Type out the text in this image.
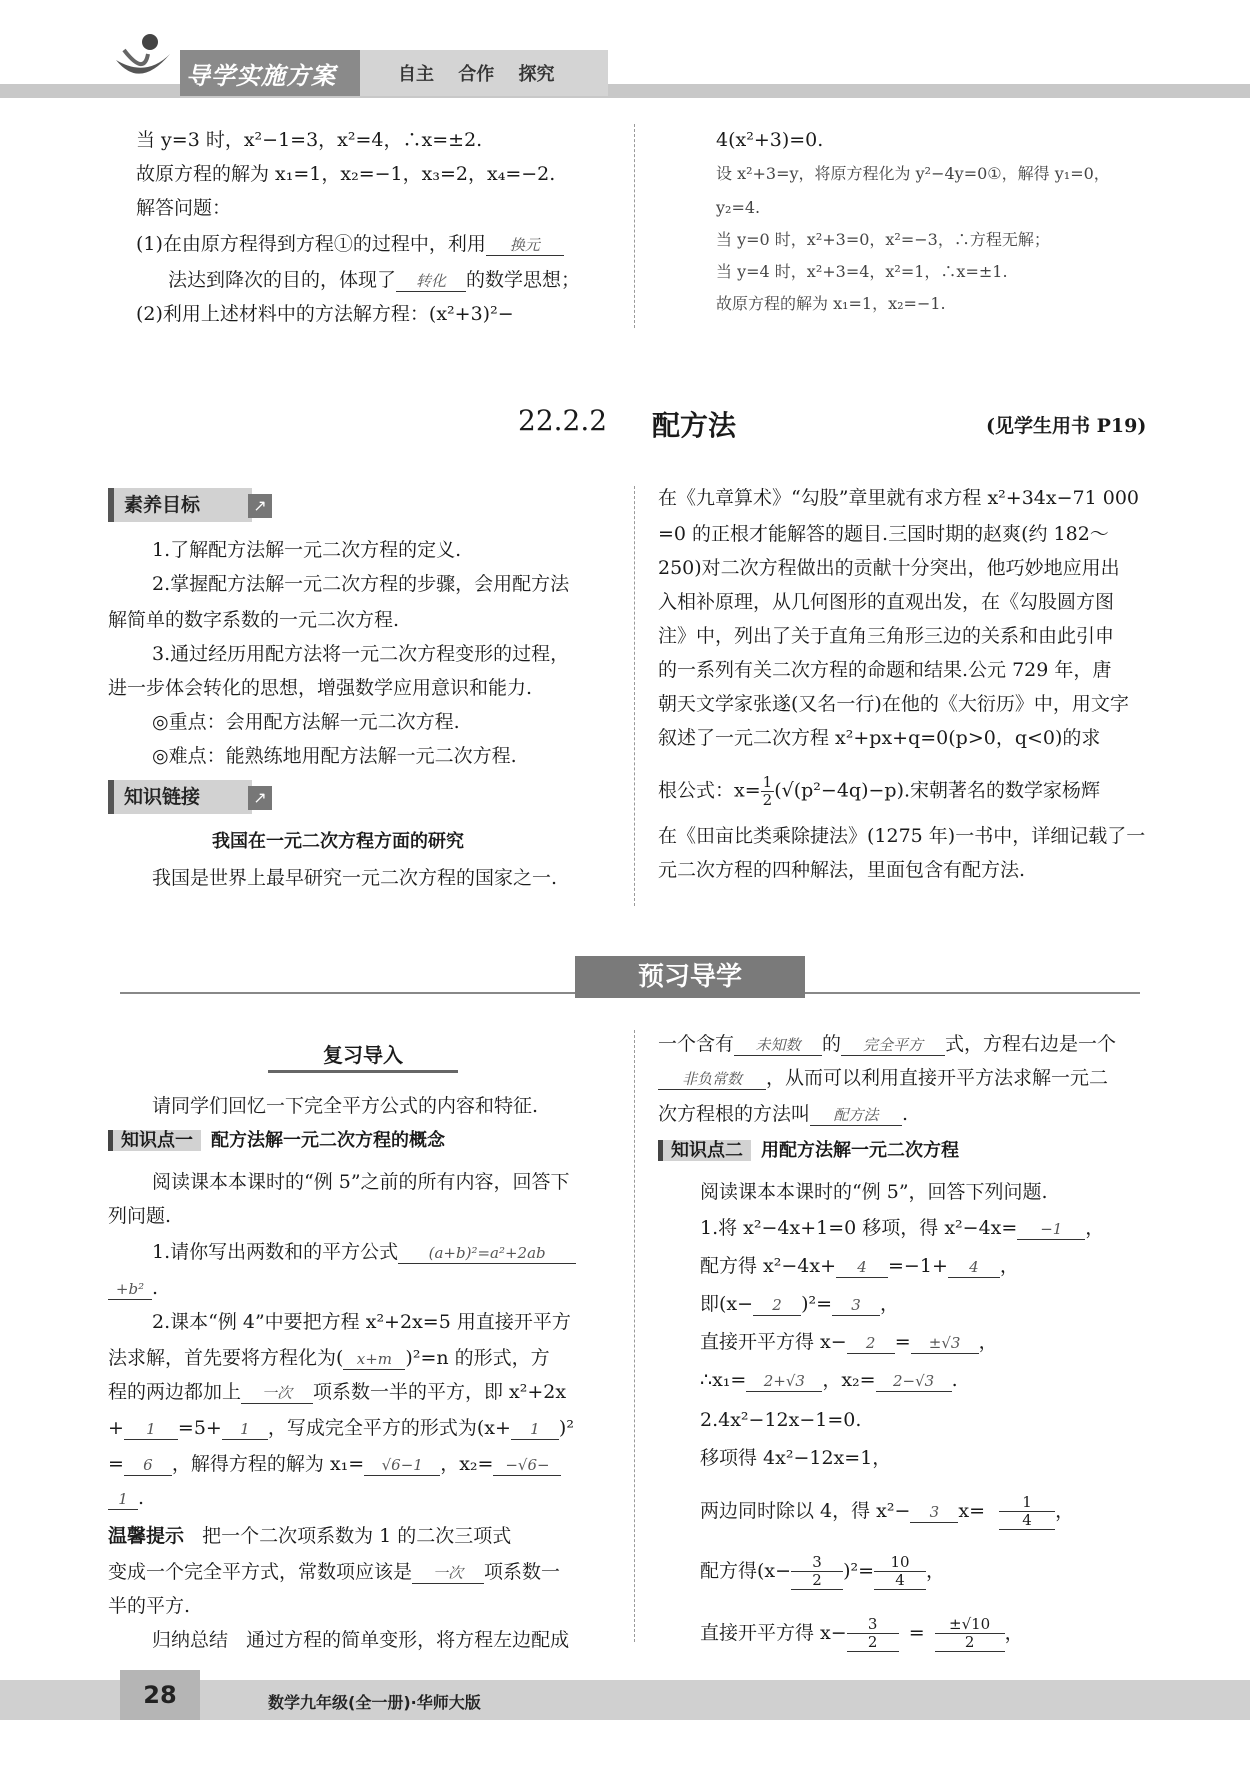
导学实施方案	自主 合作 探究
当 y=3 时，x²−1=3，x²=4，∴x=±2.
故原方程的解为 x₁=1，x₂=−1，x₃=2，x₄=−2.
解答问题：
(1)在由原方程得到方程①的过程中，利用 换元
法达到降次的目的，体现了 转化 的数学思想；
(2)利用上述材料中的方法解方程：(x²+3)²−
4(x²+3)=0.
设 x²+3=y，将原方程化为 y²−4y=0①，解得 y₁=0，
y₂=4.
当 y=0 时，x²+3=0，x²=−3，∴方程无解；
当 y=4 时，x²+3=4，x²=1，∴x=±1.
故原方程的解为 x₁=1，x₂=−1.
22.2.2 配方法	(见学生用书 P19)
素养目标	↗
1.了解配方法解一元二次方程的定义.
2.掌握配方法解一元二次方程的步骤，会用配方法
解简单的数字系数的一元二次方程.
3.通过经历用配方法将一元二次方程变形的过程，
进一步体会转化的思想，增强数学应用意识和能力.
◎重点：会用配方法解一元二次方程.
◎难点：能熟练地用配方法解一元二次方程.
知识链接	↗
我国在一元二次方程方面的研究
我国是世界上最早研究一元二次方程的国家之一.
在《九章算术》“勾股”章里就有求方程 x²+34x−71 000
=0 的正根才能解答的题目.三国时期的赵爽(约 182～
250)对二次方程做出的贡献十分突出，他巧妙地应用出
入相补原理，从几何图形的直观出发，在《勾股圆方图
注》中，列出了关于直角三角形三边的关系和由此引申
的一系列有关二次方程的命题和结果.公元 729 年，唐
朝天文学家张遂(又名一行)在他的《大衍历》中，用文字
叙述了一元二次方程 x²+px+q=0(p>0，q<0)的求
根公式：$x= \frac{1}{2} (√(p^2-4q)-p)$.宋朝著名的数学家杨辉
在《田亩比类乘除捷法》(1275 年)一书中，详细记载了一
元二次方程的四种解法，里面包含有配方法.
预习导学
复习导入
请同学们回忆一下完全平方公式的内容和特征.
知识点一 配方法解一元二次方程的概念
阅读课本本课时的“例 5”之前的所有内容，回答下
列问题.
1.请你写出两数和的平方公式 (a+b)²=a²+2ab
+b² .
2.课本“例 4”中要把方程 x²+2x=5 用直接开平方
法求解，首先要将方程化为( x+m )²=n 的形式，方
程的两边都加上 一次 项系数一半的平方，即 x²+2x
+ 1 =5+ 1 ，写成完全平方的形式为(x+ 1 )²
= 6 ，解得方程的解为 x₁= √6−1 ，x₂= −√6−
1 .
温馨提示 把一个二次项系数为 1 的二次三项式
变成一个完全平方式，常数项应该是 一次 项系数一
半的平方.
归纳总结 通过方程的简单变形，将方程左边配成
一个含有 未知数 的 完全平方 式，方程右边是一个
非负常数 ，从而可以利用直接开平方法求解一元二
次方程根的方法叫 配方法 .
知识点二 用配方法解一元二次方程
阅读课本本课时的“例 5”，回答下列问题.
1.将 x²−4x+1=0 移项，得 x²−4x= −1 ，
配方得 x²−4x+ 4 =−1+ 4 ，
即(x− 2 )²= 3 ，
直接开平方得 x− 2 = ±√3 ，
∴x₁= 2+√3 ，x₂= 2−√3 .
2.4x²−12x−1=0.
移项得 4x²−12x=1，
两边同时除以 4，得 x²− 3 $x= \frac{1}{4}$ ，
配方得$(x- \frac{3}{2} )^2= \frac{10}{4}$ ，
直接开平方得 $x- \frac{3}{2} = \frac{\pm√10}{2}$ ，
28	数学九年级(全一册)·华师大版
